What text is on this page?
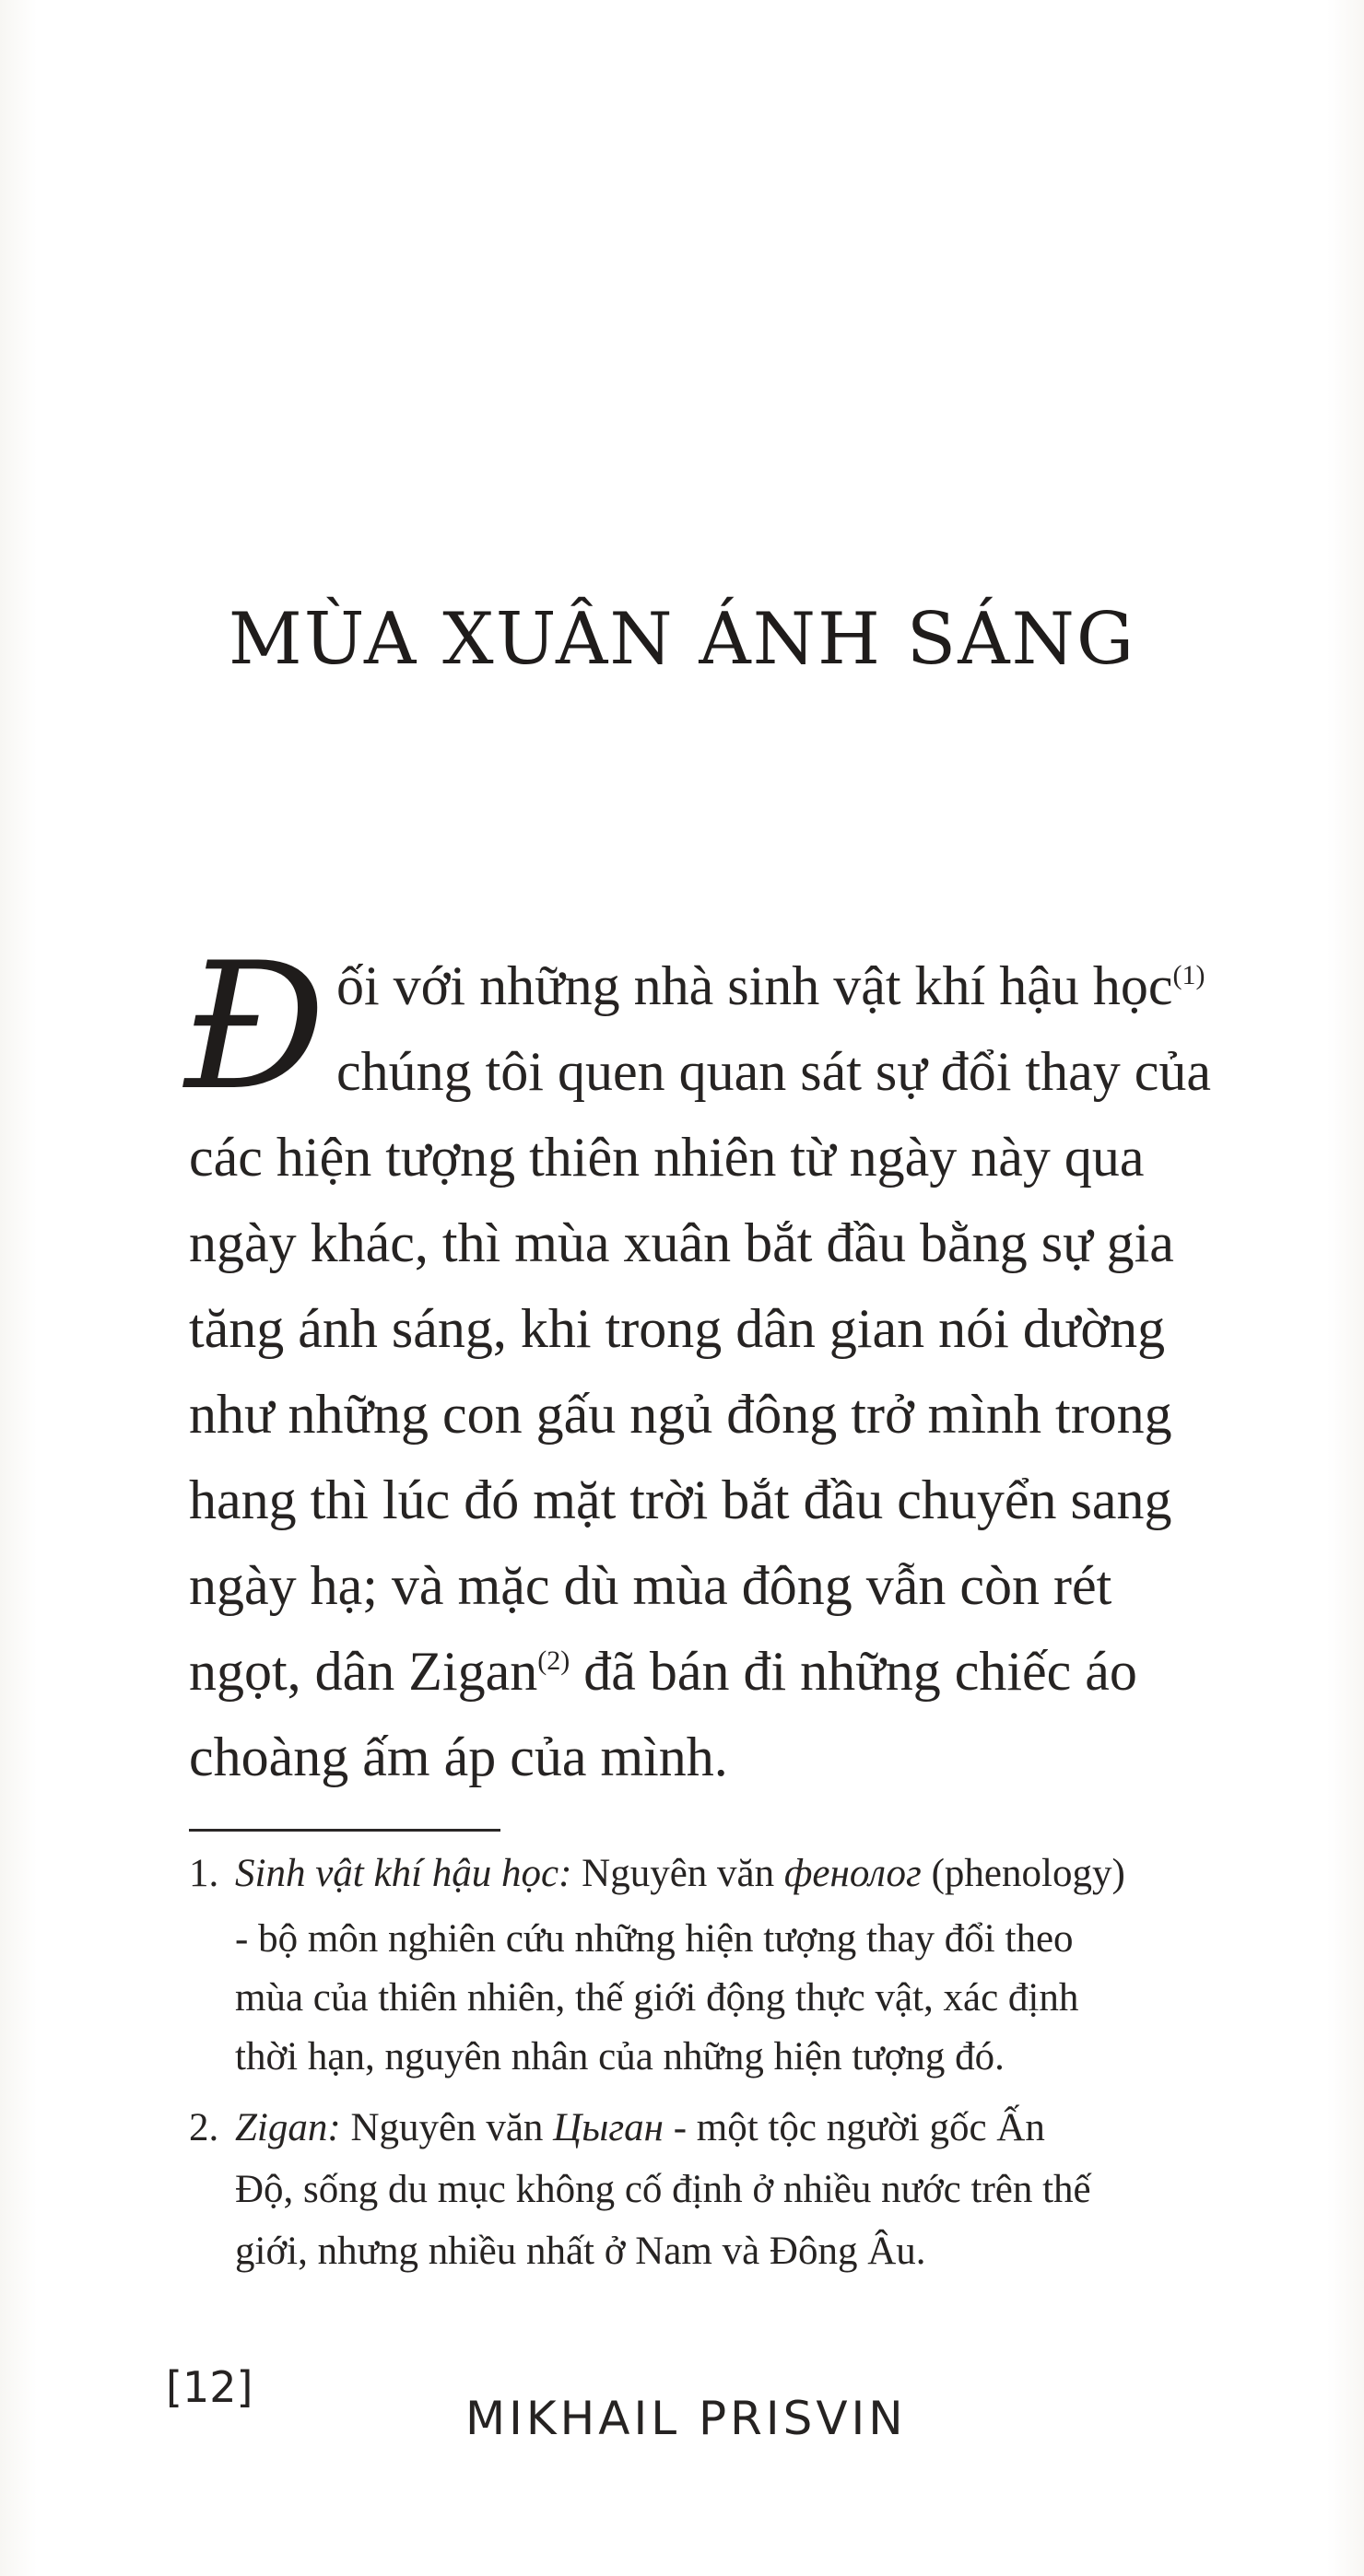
MÙA XUÂN ÁNH SÁNG
Đ ối với những nhà sinh vật khí hậu học$^{(1)}$
chúng tôi quen quan sát sự đổi thay của
các hiện tượng thiên nhiên từ ngày này qua
ngày khác, thì mùa xuân bắt đầu bằng sự gia
tăng ánh sáng, khi trong dân gian nói dường
như những con gấu ngủ đông trở mình trong
hang thì lúc đó mặt trời bắt đầu chuyển sang
ngày hạ; và mặc dù mùa đông vẫn còn rét
ngọt, dân Zigan$^{(2)}$ đã bán đi những chiếc áo
choàng ấm áp của mình.
1. Sinh vật khí hậu học: Nguyên văn фенолог (phenology)
- bộ môn nghiên cứu những hiện tượng thay đổi theo
mùa của thiên nhiên, thế giới động thực vật, xác định
thời hạn, nguyên nhân của những hiện tượng đó.
2. Zigan: Nguyên văn Цыган - một tộc người gốc Ấn
Độ, sống du mục không cố định ở nhiều nước trên thế
giới, nhưng nhiều nhất ở Nam và Đông Âu.
[12]
MIKHAIL PRISVIN
